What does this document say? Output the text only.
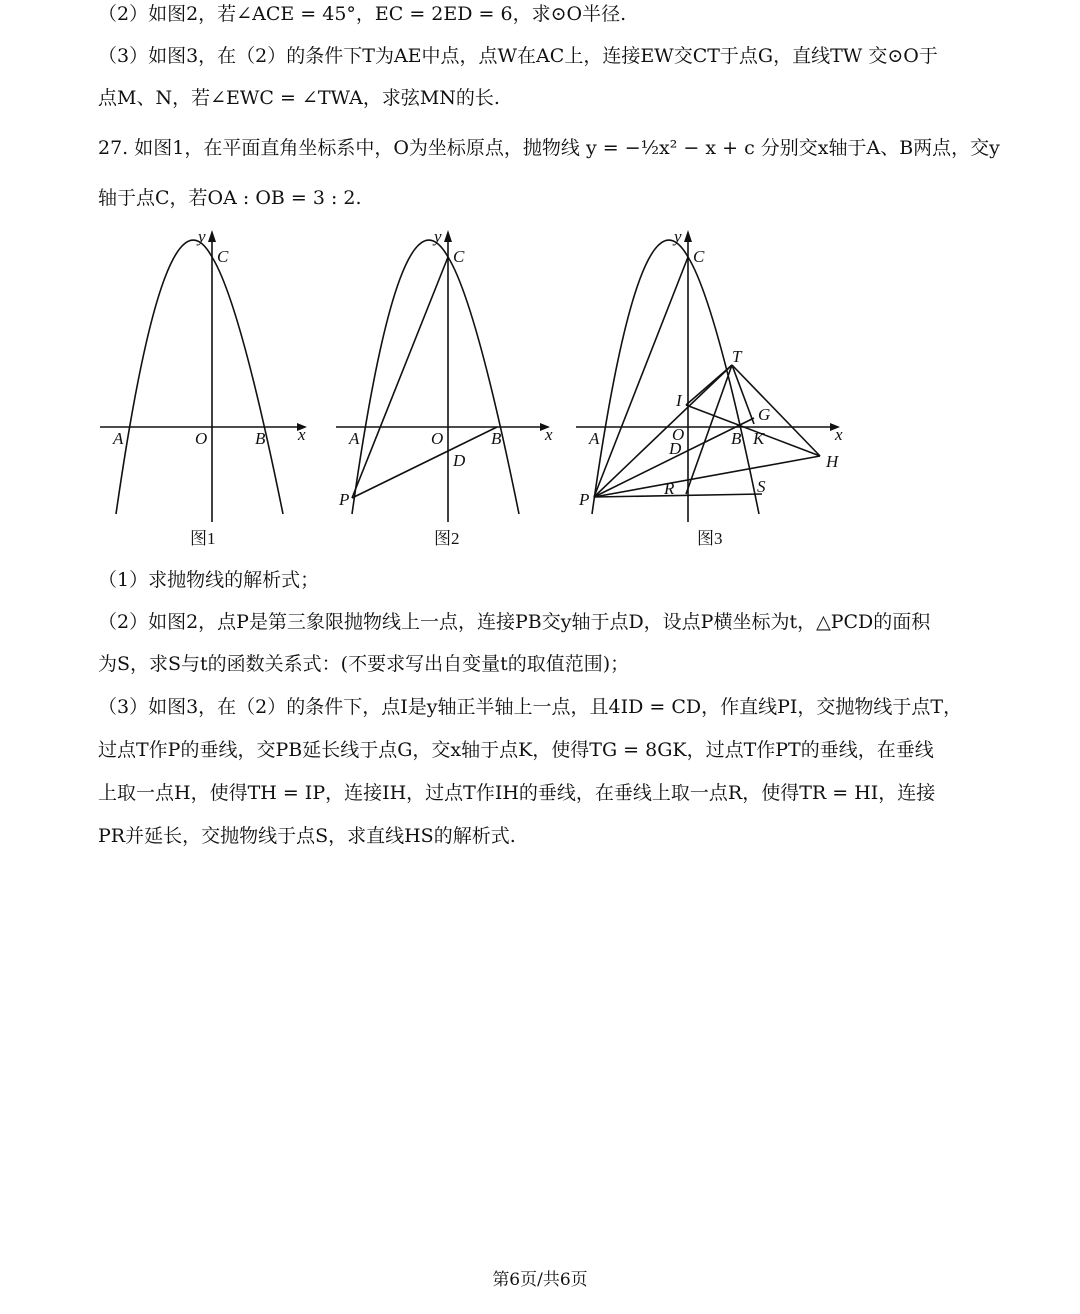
（2）如图2，若∠ACE = 45°，EC = 2ED = 6，求⊙O半径.
（3）如图3，在（2）的条件下T为AE中点，点W在AC上，连接EW交CT于点G，直线TW 交⊙O于
点M、N，若∠EWC = ∠TWA，求弦MN的长.
27. 如图1，在平面直角坐标系中，O为坐标原点，抛物线 y = −½x² − x + c 分别交x轴于A、B两点，交y
轴于点C，若OA : OB = 3 : 2.
y
C
A	O	B x
图1
y
C
A	O	B	x
D
P
图2
y
C
T
I
G
A	O
D
B K	x
H
R	S
P
图3
（1）求抛物线的解析式；
（2）如图2，点P是第三象限抛物线上一点，连接PB交y轴于点D，设点P横坐标为t，△PCD的面积
为S，求S与t的函数关系式：(不要求写出自变量t的取值范围)；
（3）如图3，在（2）的条件下，点I是y轴正半轴上一点，且4ID = CD，作直线PI，交抛物线于点T，
过点T作P的垂线，交PB延长线于点G，交x轴于点K，使得TG = 8GK，过点T作PT的垂线，在垂线
上取一点H，使得TH = IP，连接IH，过点T作IH的垂线，在垂线上取一点R，使得TR = HI，连接
PR并延长，交抛物线于点S，求直线HS的解析式.
第6页/共6页
